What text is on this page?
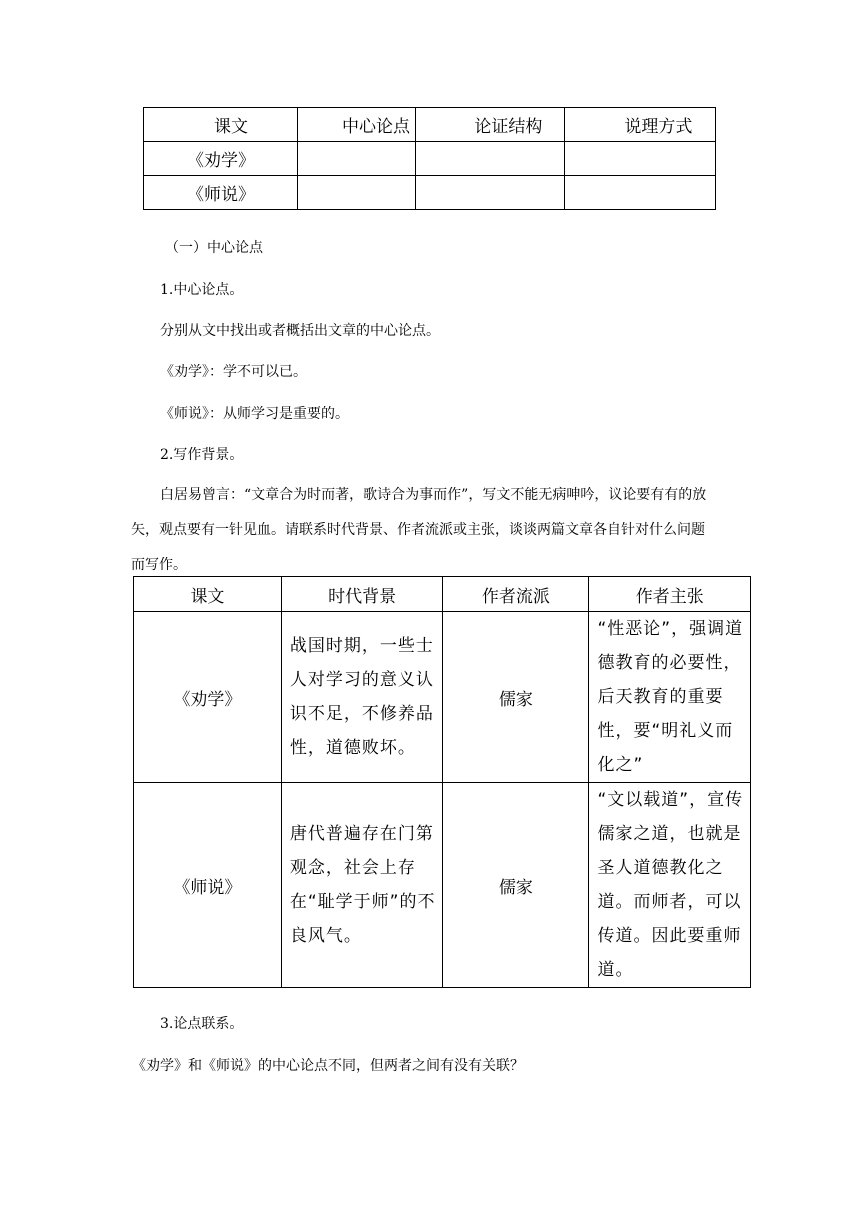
课文	中心论点	论证结构	说理方式
《劝学》			
《师说》			
（一）中心论点
1.中心论点。
分别从文中找出或者概括出文章的中心论点。
《劝学》：学不可以已。
《师说》：从师学习是重要的。
2.写作背景。
白居易曾言：“文章合为时而著，歌诗合为事而作”，写文不能无病呻吟，议论要有有的放矢，观点要有一针见血。请联系时代背景、作者流派或主张，谈谈两篇文章各自针对什么问题而写作。
课文	时代背景	作者流派	作者主张
《劝学》	战国时期，一些士人对学习的意义认识不足，不修养品性，道德败坏。	儒家	“性恶论”，强调道德教育的必要性，后天教育的重要性，要“明礼义而化之”
《师说》	唐代普遍存在门第观念，社会上存在“耻学于师”的不良风气。	儒家	“文以载道”，宣传儒家之道，也就是圣人道德教化之道。而师者，可以传道。因此要重师道。
3.论点联系。
《劝学》和《师说》的中心论点不同，但两者之间有没有关联？
